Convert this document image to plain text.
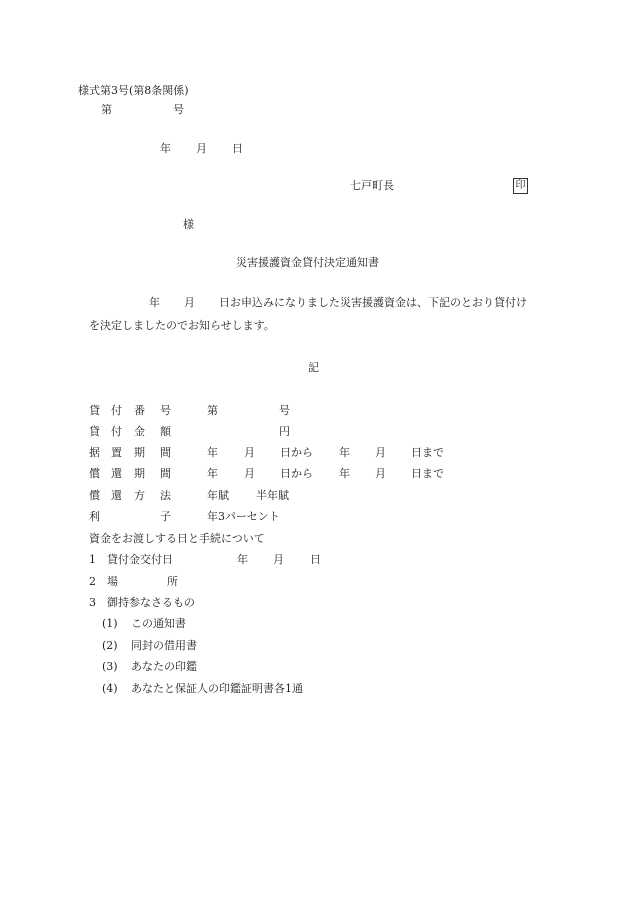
様式第3号(第8条関係)
第	号
年 月 日
七戸町長	印
様
災害援護資金貸付決定通知書
年 月 日お申込みになりました災害援護資金は、下記のとおり貸付け
を決定しましたのでお知らせします。
記
貸 付 番 号	第	号
貸 付 金 額	円
据 置 期 間	年 月 日から 年 月 日まで
償 還 期 間	年 月 日から 年 月 日まで
償 還 方 法	年賦 半年賦
利	子	年3パーセント
資金をお渡しする日と手続について
1 貸付金交付日	年 月 日
2 場	所
3 御持参なさるもの
(1) この通知書
(2) 同封の借用書
(3) あなたの印鑑
(4) あなたと保証人の印鑑証明書各1通
